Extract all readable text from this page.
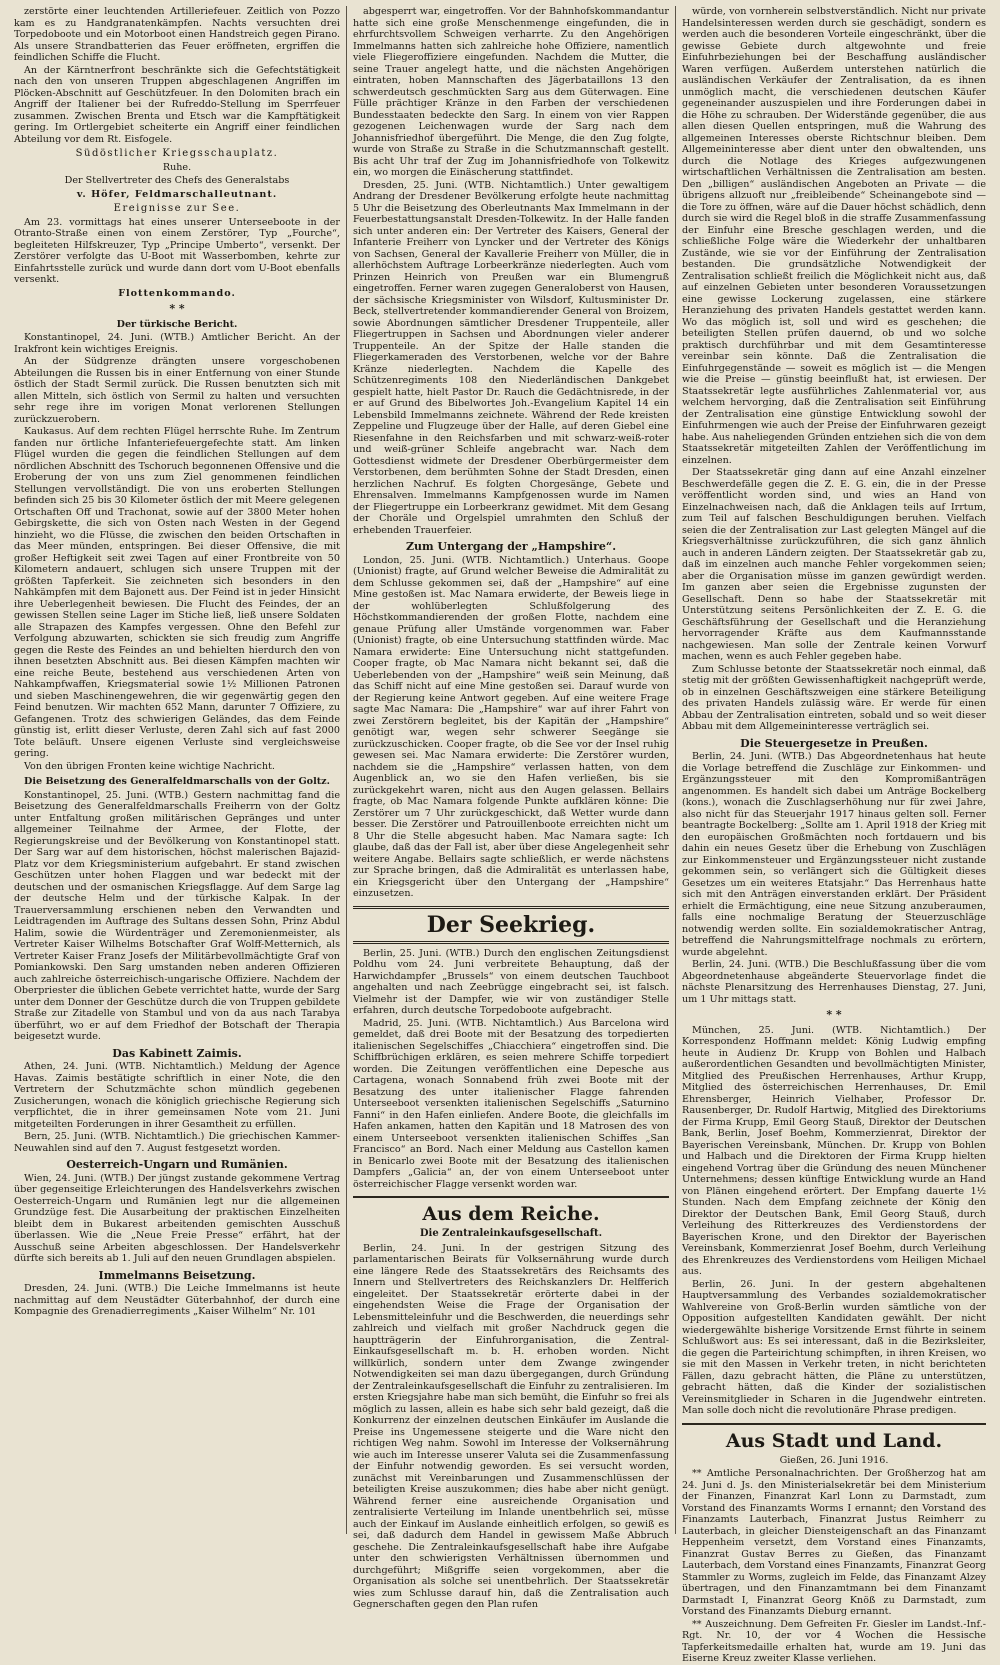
zerstörte einer leuchtenden Artilleriefeuer. Zeitlich von Pozzo kam es zu Handgranatenkämpfen. Nachts versuchten drei Torpedoboote und ein Motorboot einen Handstreich gegen Pirano. Als unsere Strandbatterien das Feuer eröffneten, ergriffen die feindlichen Schiffe die Flucht.

An der Kärntnerfront beschränkte sich die Gefechtstätigkeit nach den von unseren Truppen abgeschlagenen Angriffen im Plöcken-Abschnitt auf Geschützfeuer. In den Dolomiten brach ein Angriff der Italiener bei der Rufreddo-Stellung im Sperrfeuer zusammen. Zwischen Brenta und Etsch war die Kampftätigkeit gering. Im Ortlergebiet scheiterte ein Angriff einer feindlichen Abteilung vor dem Rt. Eisfogele.

Südöstlicher Kriegsschauplatz.
Ruhe.
Der Stellvertreter des Chefs des Generalstabs
v. Höfer, Feldmarschalleutnant.
Ereignisse zur See.

Am 23. vormittags hat eines unserer Unterseeboote in der Otranto-Straße einen von einem Zerstörer, Typ „Fourche“, begleiteten Hilfskreuzer, Typ „Principe Umberto“, versenkt. Der Zerstörer verfolgte das U-Boot mit Wasserbomben, kehrte zur Einfahrtsstelle zurück und wurde dann dort vom U-Boot ebenfalls versenkt.

Flottenkommando.
* *
Der türkische Bericht.

Konstantinopel, 24. Juni. (WTB.) Amtlicher Bericht. An der Irakfront kein wichtiges Ereignis.

An der Südgrenze drängten unsere vorgeschobenen Abteilungen die Russen bis in einer Entfernung von einer Stunde östlich der Stadt Sermil zurück. Die Russen benutzten sich mit allen Mitteln, sich östlich von Sermil zu halten und versuchten sehr rege ihre im vorigen Monat verlorenen Stellungen zurückzuerobern.

Kaukasus. Auf dem rechten Flügel herrschte Ruhe. Im Zentrum fanden nur örtliche Infanteriefeuergefechte statt. Am linken Flügel wurden die gegen die feindlichen Stellungen auf dem nördlichen Abschnitt des Tschoruch begonnenen Offensive und die Eroberung der von uns zum Ziel genommenen feindlichen Stellungen vervollständigt. Die von uns eroberten Stellungen befinden sich 25 bis 30 Kilometer östlich der mit Meere gelegenen Ortschaften Off und Trachonat, sowie auf der 3800 Meter hohen Gebirgskette, die sich von Osten nach Westen in der Gegend hinzieht, wo die Flüsse, die zwischen den beiden Ortschaften in das Meer münden, entspringen. Bei dieser Offensive, die mit großer Heftigkeit seit zwei Tagen auf einer Frontbreite von 50 Kilometern andauert, schlugen sich unsere Truppen mit der größten Tapferkeit. Sie zeichneten sich besonders in den Nahkämpfen mit dem Bajonett aus. Der Feind ist in jeder Hinsicht ihre Ueberlegenheit bewiesen. Die Flucht des Feindes, der an gewissen Stellen seine Lager im Stiche ließ, ließ unsere Soldaten alle Strapazen des Kampfes vergessen. Ohne den Befehl zur Verfolgung abzuwarten, schickten sie sich freudig zum Angriffe gegen die Reste des Feindes an und behielten hierdurch den von ihnen besetzten Abschnitt aus. Bei diesen Kämpfen machten wir eine reiche Beute, bestehend aus verschiedenen Arten von Nahkampfwaffen, Kriegsmaterial sowie 1½ Millionen Patronen und sieben Maschinengewehren, die wir gegenwärtig gegen den Feind benutzen. Wir machten 652 Mann, darunter 7 Offiziere, zu Gefangenen. Trotz des schwierigen Geländes, das dem Feinde günstig ist, erlitt dieser Verluste, deren Zahl sich auf fast 2000 Tote beläuft. Unsere eigenen Verluste sind vergleichsweise gering.

Von den übrigen Fronten keine wichtige Nachricht.

Die Beisetzung des Generalfeldmarschalls von der Goltz.

Konstantinopel, 25. Juni. (WTB.) Gestern nachmittag fand die Beisetzung des Generalfeldmarschalls Freiherrn von der Goltz unter Entfaltung großen militärischen Gepränges und unter allgemeiner Teilnahme der Armee, der Flotte, der Regierungskreise und der Bevölkerung von Konstantinopel statt. Der Sarg war auf dem historischen, höchst malerischen Bajazid-Platz vor dem Kriegsministerium aufgebahrt. Er stand zwischen Geschützen unter hohen Flaggen und war bedeckt mit der deutschen und der osmanischen Kriegsflagge. Auf dem Sarge lag der deutsche Helm und der türkische Kalpak. In der Trauerversammlung erschienen neben den Verwandten und Leidtragenden im Auftrage des Sultans dessen Sohn, Prinz Abdul Halim, sowie die Würdenträger und Zeremonienmeister, als Vertreter Kaiser Wilhelms Botschafter Graf Wolff-Metternich, als Vertreter Kaiser Franz Josefs der Militärbevollmächtigte Graf von Pomiankowski. Den Sarg umstanden neben anderen Offizieren auch zahlreiche österreichisch-ungarische Offiziere. Nachdem der Oberpriester die üblichen Gebete verrichtet hatte, wurde der Sarg unter dem Donner der Geschütze durch die von Truppen gebildete Straße zur Zitadelle von Stambul und von da aus nach Tarabya überführt, wo er auf dem Friedhof der Botschaft der Therapia beigesetzt wurde.

Das Kabinett Zaimis.

Athen, 24. Juni. (WTB. Nichtamtlich.) Meldung der Agence Havas. Zaimis bestätigte schriftlich in einer Note, die den Vertretern der Schutzmächte schon mündlich gegebenen Zusicherungen, wonach die königlich griechische Regierung sich verpflichtet, die in ihrer gemeinsamen Note vom 21. Juni mitgeteilten Forderungen in ihrer Gesamtheit zu erfüllen.

Bern, 25. Juni. (WTB. Nichtamtlich.) Die griechischen Kammer-Neuwahlen sind auf den 7. August festgesetzt worden.

Oesterreich-Ungarn und Rumänien.

Wien, 24. Juni. (WTB.) Der jüngst zustande gekommene Vertrag über gegenseitige Erleichterungen des Handelsverkehrs zwischen Oesterreich-Ungarn und Rumänien legt nur die allgemeinen Grundzüge fest. Die Ausarbeitung der praktischen Einzelheiten bleibt dem in Bukarest arbeitenden gemischten Ausschuß überlassen. Wie die „Neue Freie Presse“ erfährt, hat der Ausschuß seine Arbeiten abgeschlossen. Der Handelsverkehr dürfte sich bereits ab 1. Juli auf den neuen Grundlagen abspielen.

Immelmanns Beisetzung.

Dresden, 24. Juni. (WTB.) Die Leiche Immelmanns ist heute nachmittag auf dem Neustädter Güterbahnhof, der durch eine Kompagnie des Grenadierregiments „Kaiser Wilhelm“ Nr. 101

abgesperrt war, eingetroffen. Vor der Bahnhofskommandantur hatte sich eine große Menschenmenge eingefunden, die in ehrfurchtsvollem Schweigen verharrte. Zu den Angehörigen Immelmanns hatten sich zahlreiche hohe Offiziere, namentlich viele Fliegeroffiziere eingefunden. Nachdem die Mutter, die seine Trauer angelegt hatte, und die nächsten Angehörigen eintraten, hoben Mannschaften des Jägerbataillons 13 den schwerdeutsch geschmückten Sarg aus dem Güterwagen. Eine Fülle prächtiger Kränze in den Farben der verschiedenen Bundesstaaten bedeckte den Sarg. In einem von vier Rappen gezogenen Leichenwagen wurde der Sarg nach dem Johannisfriedhof übergeführt. Die Menge, die den Zug folgte, wurde von Straße zu Straße in die Schutzmannschaft gestellt. Bis acht Uhr traf der Zug im Johannisfriedhofe von Tolkewitz ein, wo morgen die Einäscherung stattfindet.

Dresden, 25. Juni. (WTB. Nichtamtlich.) Unter gewaltigem Andrang der Dresdener Bevölkerung erfolgte heute nachmittag 5 Uhr die Beisetzung des Oberleutnants Max Immelmann in der Feuerbestattungsanstalt Dresden-Tolkewitz. In der Halle fanden sich unter anderen ein: Der Vertreter des Kaisers, General der Infanterie Freiherr von Lyncker und der Vertreter des Königs von Sachsen, General der Kavallerie Freiherr von Müller, die in allerhöchstem Auftrage Lorbeerkränze niederlegten. Auch vom Prinzen Heinrich von Preußen war ein Blumengruß eingetroffen. Ferner waren zugegen Generaloberst von Hausen, der sächsische Kriegsminister von Wilsdorf, Kultusminister Dr. Beck, stellvertretender kommandierender General von Broizem, sowie Abordnungen sämtlicher Dresdener Truppenteile, aller Fliegertruppen in Sachsen und Abordnungen vieler anderer Truppenteile. An der Spitze der Halle standen die Fliegerkameraden des Verstorbenen, welche vor der Bahre Kränze niederlegten. Nachdem die Kapelle des Schützenregiments 108 den Niederländischen Dankgebet gespielt hatte, hielt Pastor Dr. Rauch die Gedächtnisrede, in der er auf Grund des Bibelwortes Joh.-Evangelium Kapitel 14 ein Lebensbild Immelmanns zeichnete. Während der Rede kreisten Zeppeline und Flugzeuge über der Halle, auf deren Giebel eine Riesenfahne in den Reichsfarben und mit schwarz-weiß-roter und weiß-grüner Schleife angebracht war. Nach dem Gottesdienst widmete der Dresdener Oberbürgermeister dem Verstorbenen, dem berühmten Sohne der Stadt Dresden, einen herzlichen Nachruf. Es folgten Chorgesänge, Gebete und Ehrensalven. Immelmanns Kampfgenossen wurde im Namen der Fliegertruppe ein Lorbeerkranz gewidmet. Mit dem Gesang der Choräle und Orgelspiel umrahmten den Schluß der erhebenden Trauerfeier.

Zum Untergang der „Hampshire“.

London, 25. Juni. (WTB. Nichtamtlich.) Unterhaus. Goope (Unionist) fragte, auf Grund welcher Beweise die Admiralität zu dem Schlusse gekommen sei, daß der „Hampshire“ auf eine Mine gestoßen ist. Mac Namara erwiderte, der Beweis liege in der wohlüberlegten Schlußfolgerung des Höchstkommandierenden der großen Flotte, nachdem eine genaue Prüfung aller Umstände vorgenommen war. Faber (Unionist) fragte, ob eine Untersuchung stattfinden würde. Mac Namara erwiderte: Eine Untersuchung nicht stattgefunden. Cooper fragte, ob Mac Namara nicht bekannt sei, daß die Ueberlebenden von der „Hampshire“ weiß sein Meinung, daß das Schiff nicht auf eine Mine gestoßen sei. Darauf wurde von der Regierung keine Antwort gegeben. Auf eine weitere Frage sagte Mac Namara: Die „Hampshire“ war auf ihrer Fahrt von zwei Zerstörern begleitet, bis der Kapitän der „Hampshire“ genötigt war, wegen sehr schwerer Seegänge sie zurückzuschicken. Cooper fragte, ob die See vor der Insel ruhig gewesen sei. Mac Namara erwiderte: Die Zerstörer wurden, nachdem sie die „Hampshire“ verlassen hatten, von dem Augenblick an, wo sie den Hafen verließen, bis sie zurückgekehrt waren, nicht aus den Augen gelassen. Bellairs fragte, ob Mac Namara folgende Punkte aufklären könne: Die Zerstörer um 7 Uhr zurückgeschickt, daß Wetter wurde dann besser. Die Zerstörer und Patrouillenboote erreichten nicht um 8 Uhr die Stelle abgesucht haben. Mac Namara sagte: Ich glaube, daß das der Fall ist, aber über diese Angelegenheit sehr weitere Angabe. Bellairs sagte schließlich, er werde nächstens zur Sprache bringen, daß die Admiralität es unterlassen habe, ein Kriegsgericht über den Untergang der „Hampshire“ einzusetzen.

Der Seekrieg.

Berlin, 25. Juni. (WTB.) Durch den englischen Zeitungsdienst Poldhu vom 24. Juni verbreitete Behauptung, daß der Harwichdampfer „Brussels“ von einem deutschen Tauchboot angehalten und nach Zeebrügge eingebracht sei, ist falsch. Vielmehr ist der Dampfer, wie wir von zuständiger Stelle erfahren, durch deutsche Torpedoboote aufgebracht.

Madrid, 25. Juni. (WTB. Nichtamtlich.) Aus Barcelona wird gemeldet, daß drei Boote mit der Besatzung des torpedierten italienischen Segelschiffes „Chiacchiera“ eingetroffen sind. Die Schiffbrüchigen erklären, es seien mehrere Schiffe torpediert worden. Die Zeitungen veröffentlichen eine Depesche aus Cartagena, wonach Sonnabend früh zwei Boote mit der Besatzung des unter italienischer Flagge fahrenden Unterseeboot versenkten italienischen Segelschiffs „Saturnino Fanni“ in den Hafen einliefen. Andere Boote, die gleichfalls im Hafen ankamen, hatten den Kapitän und 18 Matrosen des von einem Unterseeboot versenkten italienischen Schiffes „San Francisco“ an Bord. Nach einer Meldung aus Castellon kamen in Benicarlo zwei Boote mit der Besatzung des italienischen Dampfers „Galicia“ an, der von einem Unterseeboot unter österreichischer Flagge versenkt worden war.

Aus dem Reiche.
Die Zentraleinkaufsgesellschaft.

Berlin, 24. Juni. In der gestrigen Sitzung des parlamentarischen Beirats für Volksernährung wurde durch eine längere Rede des Staatssekretärs des Reichsamts des Innern und Stellvertreters des Reichskanzlers Dr. Helfferich eingeleitet. Der Staatssekretär erörterte dabei in der eingehendsten Weise die Frage der Organisation der Lebensmitteleinfuhr und die Beschwerden, die neuerdings sehr zahlreich und vielfach mit großer Nachdruck gegen die hauptträgerin der Einfuhrorganisation, die Zentral-Einkaufsgesellschaft m. b. H. erhoben worden. Nicht willkürlich, sondern unter dem Zwange zwingender Notwendigkeiten sei man dazu übergegangen, durch Gründung der Zentraleinkaufsgesellschaft die Einfuhr zu zentralisieren. Im ersten Kriegsjahre habe man sich bemüht, die Einfuhr so frei als möglich zu lassen, allein es habe sich sehr bald gezeigt, daß die Konkurrenz der einzelnen deutschen Einkäufer im Auslande die Preise ins Ungemessene steigerte und die Ware nicht den richtigen Weg nahm. Sowohl im Interesse der Volksernährung wie auch im Interesse unserer Valuta sei die Zusammenfassung der Einfuhr notwendig geworden. Es sei versucht worden, zunächst mit Vereinbarungen und Zusammenschlüssen der beteiligten Kreise auszukommen; dies habe aber nicht genügt. Während ferner eine ausreichende Organisation und zentralisierte Verteilung im Inlande unentbehrlich sei, müsse auch der Einkauf im Auslande einheitlich erfolgen, so gewiß es sei, daß dadurch dem Handel in gewissem Maße Abbruch geschehe. Die Zentraleinkaufsgesellschaft habe ihre Aufgabe unter den schwierigsten Verhältnissen übernommen und durchgeführt; Mißgriffe seien vorgekommen, aber die Organisation als solche sei unentbehrlich. Der Staatssekretär wies zum Schlusse darauf hin, daß die Zentralisation auch Gegnerschaften gegen den Plan rufen

würde, von vornherein selbstverständlich. Nicht nur private Handelsinteressen werden durch sie geschädigt, sondern es werden auch die besonderen Vorteile eingeschränkt, über die gewisse Gebiete durch altgewohnte und freie Einfuhrbeziehungen bei der Beschaffung ausländischer Waren verfügen. Außerdem unterstehen natürlich die ausländischen Verkäufer der Zentralisation, da es ihnen unmöglich macht, die verschiedenen deutschen Käufer gegeneinander auszuspielen und ihre Forderungen dabei in die Höhe zu schrauben. Der Widerstände gegenüber, die aus allen diesen Quellen entspringen, muß die Wahrung des allgemeinen Interesses oberste Richtschnur bleiben. Dem Allgemeininteresse aber dient unter den obwaltenden, uns durch die Notlage des Krieges aufgezwungenen wirtschaftlichen Verhältnissen die Zentralisation am besten. Den „billigen“ ausländischen Angeboten an Private — die übrigens allzuoft nur „freibleibende“ Scheinangebote sind — die Tore zu öffnen, wäre auf die Dauer höchst schädlich, denn durch sie wird die Regel bloß in die straffe Zusammenfassung der Einfuhr eine Bresche geschlagen werden, und die schließliche Folge wäre die Wiederkehr der unhaltbaren Zustände, wie sie vor der Einführung der Zentralisation bestanden. Die grundsätzliche Notwendigkeit der Zentralisation schließt freilich die Möglichkeit nicht aus, daß auf einzelnen Gebieten unter besonderen Voraussetzungen eine gewisse Lockerung zugelassen, eine stärkere Heranziehung des privaten Handels gestattet werden kann. Wo das möglich ist, soll und wird es geschehen; die beteiligten Stellen prüfen dauernd, ob und wo solche praktisch durchführbar und mit dem Gesamtinteresse vereinbar sein könnte. Daß die Zentralisation die Einfuhrgegenstände — soweit es möglich ist — die Mengen wie die Preise — günstig beeinflußt hat, ist erwiesen. Der Staatssekretär legte ausführliches Zahlenmaterial vor, aus welchem hervorging, daß die Zentralisation seit Einführung der Zentralisation eine günstige Entwicklung sowohl der Einfuhrmengen wie auch der Preise der Einfuhrwaren gezeigt habe. Aus naheliegenden Gründen entziehen sich die von dem Staatssekretär mitgeteilten Zahlen der Veröffentlichung im einzelnen.

Der Staatssekretär ging dann auf eine Anzahl einzelner Beschwerdefälle gegen die Z. E. G. ein, die in der Presse veröffentlicht worden sind, und wies an Hand von Einzelnachweisen nach, daß die Anklagen teils auf Irrtum, zum Teil auf falschen Beschuldigungen beruhen. Vielfach seien die der Zentralisation zur Last gelegten Mängel auf die Kriegsverhältnisse zurückzuführen, die sich ganz ähnlich auch in anderen Ländern zeigten. Der Staatssekretär gab zu, daß im einzelnen auch manche Fehler vorgekommen seien; aber die Organisation müsse im ganzen gewürdigt werden. Im ganzen aber seien die Ergebnisse zugunsten der Gesellschaft. Denn so habe der Staatssekretär mit Unterstützung seitens Persönlichkeiten der Z. E. G. die Geschäftsführung der Gesellschaft und die Heranziehung hervorragender Kräfte aus dem Kaufmannsstande nachgewiesen. Man solle der Zentrale keinen Vorwurf machen, wenn es auch Fehler gegeben habe.

Zum Schlusse betonte der Staatssekretär noch einmal, daß stetig mit der größten Gewissenhaftigkeit nachgeprüft werde, ob in einzelnen Geschäftszweigen eine stärkere Beteiligung des privaten Handels zulässig wäre. Er werde für einen Abbau der Zentralisation eintreten, sobald und so weit dieser Abbau mit dem Allgemeininteresse verträglich sei.

Die Steuergesetze in Preußen.

Berlin, 24. Juni. (WTB.) Das Abgeordnetenhaus hat heute die Vorlage betreffend die Zuschläge zur Einkommen- und Ergänzungssteuer mit den Kompromißanträgen angenommen. Es handelt sich dabei um Anträge Bockelberg (kons.), wonach die Zuschlagserhöhung nur für zwei Jahre, also nicht für das Steuerjahr 1917 hinaus gelten soll. Ferner beantragte Bockelberg: „Sollte am 1. April 1918 der Krieg mit den europäischen Großmächten noch fortdauern und bis dahin ein neues Gesetz über die Erhebung von Zuschlägen zur Einkommensteuer und Ergänzungssteuer nicht zustande gekommen sein, so verlängert sich die Gültigkeit dieses Gesetzes um ein weiteres Etatsjahr.“ Das Herrenhaus hatte sich mit den Anträgen einverstanden erklärt. Der Präsident erhielt die Ermächtigung, eine neue Sitzung anzuberaumen, falls eine nochmalige Beratung der Steuerzuschläge notwendig werden sollte. Ein sozialdemokratischer Antrag, betreffend die Nahrungsmittelfrage nochmals zu erörtern, wurde abgelehnt.

Berlin, 24. Juni. (WTB.) Die Beschlußfassung über die vom Abgeordnetenhause abgeänderte Steuervorlage findet die nächste Plenarsitzung des Herrenhauses Dienstag, 27. Juni, um 1 Uhr mittags statt.

* *

München, 25. Juni. (WTB. Nichtamtlich.) Der Korrespondenz Hoffmann meldet: König Ludwig empfing heute in Audienz Dr. Krupp von Bohlen und Halbach außerordentlichen Gesandten und bevollmächtigten Minister, Mitglied des Preußischen Herrenhauses, Arthur Krupp, Mitglied des österreichischen Herrenhauses, Dr. Emil Ehrensberger, Heinrich Vielhaber, Professor Dr. Rausenberger, Dr. Rudolf Hartwig, Mitglied des Direktoriums der Firma Krupp, Emil Georg Stauß, Direktor der Deutschen Bank, Berlin, Josef Boehm, Kommerzienrat, Direktor der Bayerischen Vereinsbank, München. Dr. Krupp von Bohlen und Halbach und die Direktoren der Firma Krupp hielten eingehend Vortrag über die Gründung des neuen Münchener Unternehmens; dessen künftige Entwicklung wurde an Hand von Plänen eingehend erörtert. Der Empfang dauerte 1½ Stunden. Nach dem Empfang zeichnete der König den Direktor der Deutschen Bank, Emil Georg Stauß, durch Verleihung des Ritterkreuzes des Verdienstordens der Bayerischen Krone, und den Direktor der Bayerischen Vereinsbank, Kommerzienrat Josef Boehm, durch Verleihung des Ehrenkreuzes des Verdienstordens vom Heiligen Michael aus.

Berlin, 26. Juni. In der gestern abgehaltenen Hauptversammlung des Verbandes sozialdemokratischer Wahlvereine von Groß-Berlin wurden sämtliche von der Opposition aufgestellten Kandidaten gewählt. Der nicht wiedergewählte bisherige Vorsitzende Ernst führte in seinem Schlußwort aus: Es sei interessant, daß in die Bezirksleiter, die gegen die Parteirichtung schimpften, in ihren Kreisen, wo sie mit den Massen in Verkehr treten, in nicht berichteten Fällen, dazu gebracht hätten, die Pläne zu unterstützen, gebracht hätten, daß die Kinder der sozialistischen Vereinsmitglieder in Scharen in die Jugendwehr eintreten. Man solle doch nicht die revolutionäre Phrase predigen.

Aus Stadt und Land.
Gießen, 26. Juni 1916.

** Amtliche Personalnachrichten. Der Großherzog hat am 24. Juni d. Js. den Ministerialsekretär bei dem Ministerium der Finanzen, Finanzrat Karl Lonn zu Darmstadt, zum Vorstand des Finanzamts Worms I ernannt; den Vorstand des Finanzamts Lauterbach, Finanzrat Justus Reimherr zu Lauterbach, in gleicher Diensteigenschaft an das Finanzamt Heppenheim versetzt, dem Vorstand eines Finanzamts, Finanzrat Gustav Berres zu Gießen, das Finanzamt Lauterbach, dem Vorstand eines Finanzamts, Finanzrat Georg Stammler zu Worms, zugleich im Felde, das Finanzamt Alzey übertragen, und den Finanzamtmann bei dem Finanzamt Darmstadt I, Finanzrat Georg Knöß zu Darmstadt, zum Vorstand des Finanzamts Dieburg ernannt.

** Auszeichnung. Dem Gefreiten Fr. Giesler im Landst.-Inf.-Rgt. Nr. 10, der vor 4 Wochen die Hessische Tapferkeitsmedaille erhalten hat, wurde am 19. Juni das Eiserne Kreuz zweiter Klasse verliehen.
